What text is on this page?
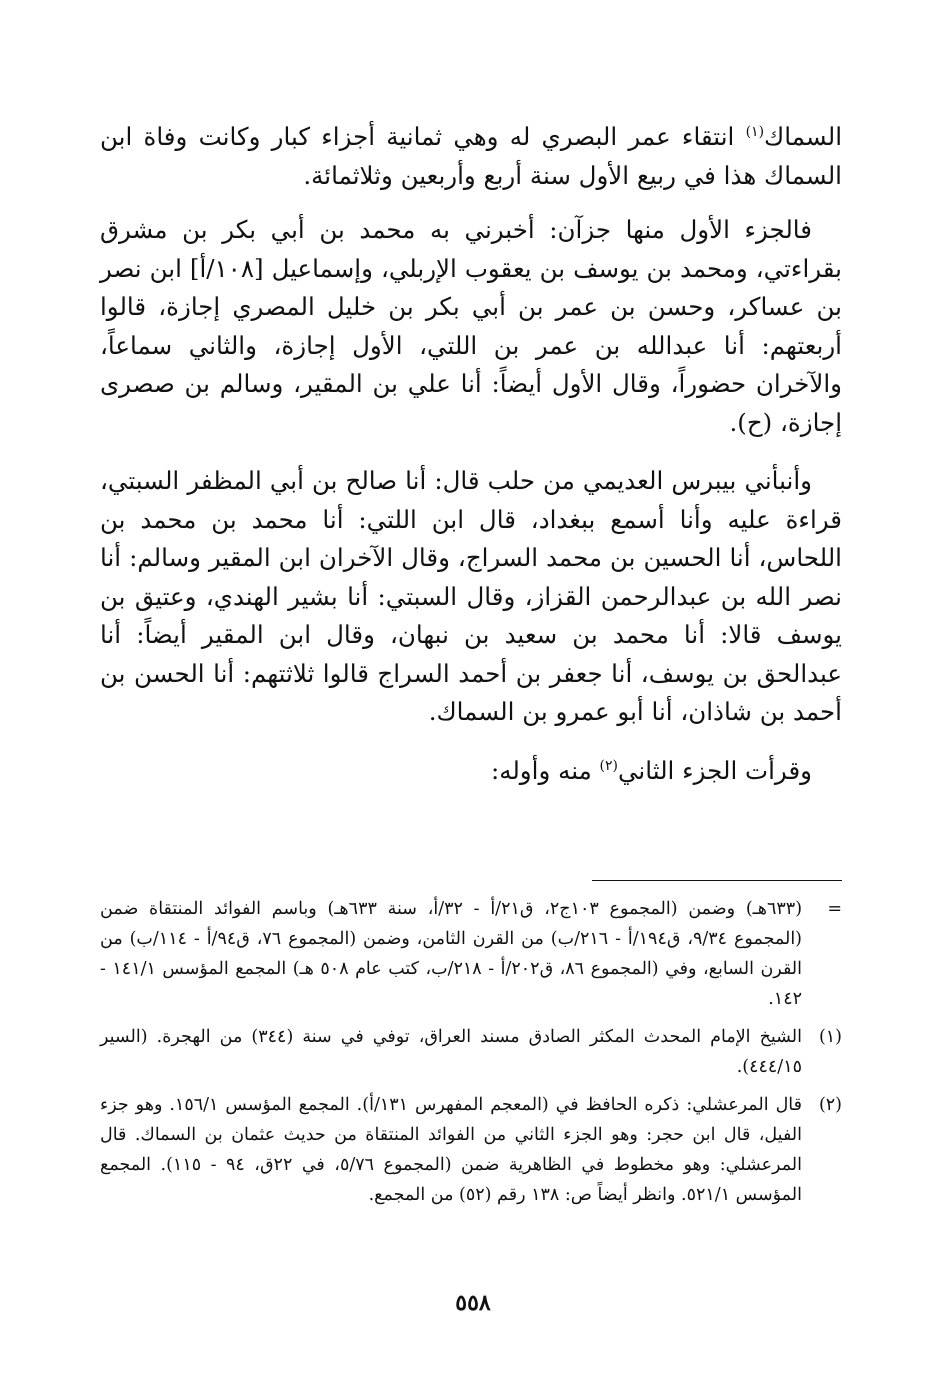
السماك$^{(١)}$ انتقاء عمر البصري له وهي ثمانية أجزاء كبار وكانت وفاة ابن السماك هذا في ربيع الأول سنة أربع وأربعين وثلاثمائة.

فالجزء الأول منها جزآن: أخبرني به محمد بن أبي بكر بن مشرق بقراءتي، ومحمد بن يوسف بن يعقوب الإربلي، وإسماعيل [١٠٨/أ] ابن نصر بن عساكر، وحسن بن عمر بن أبي بكر بن خليل المصري إجازة، قالوا أربعتهم: أنا عبدالله بن عمر بن اللتي، الأول إجازة، والثاني سماعاً، والآخران حضوراً، وقال الأول أيضاً: أنا علي بن المقير، وسالم بن صصرى إجازة، (ح).

وأنبأني بيبرس العديمي من حلب قال: أنا صالح بن أبي المظفر السبتي، قراءة عليه وأنا أسمع ببغداد، قال ابن اللتي: أنا محمد بن محمد بن اللحاس، أنا الحسين بن محمد السراج، وقال الآخران ابن المقير وسالم: أنا نصر الله بن عبدالرحمن القزاز، وقال السبتي: أنا بشير الهندي، وعتيق بن يوسف قالا: أنا محمد بن سعيد بن نبهان، وقال ابن المقير أيضاً: أنا عبدالحق بن يوسف، أنا جعفر بن أحمد السراج قالوا ثلاثتهم: أنا الحسن بن أحمد بن شاذان، أنا أبو عمرو بن السماك.

وقرأت الجزء الثاني$^{(٢)}$ منه وأوله:

=
(٦٣٣هـ) وضمن (المجموع ١٠٣ج٢، ق٢١/أ - ٣٢/أ، سنة ٦٣٣هـ) وباسم الفوائد المنتقاة ضمن (المجموع ٩/٣٤، ق١٩٤/أ - ٢١٦/ب) من القرن الثامن، وضمن (المجموع ٧٦، ق٩٤/أ - ١١٤/ب) من القرن السابع، وفي (المجموع ٨٦، ق٢٠٢/أ - ٢١٨/ب، كتب عام ٥٠٨ هـ) المجمع المؤسس ١٤١/١ - ١٤٢.
(١)
الشيخ الإمام المحدث المكثر الصادق مسند العراق، توفي في سنة (٣٤٤) من الهجرة. (السير ٤٤٤/١٥).
(٢)
قال المرعشلي: ذكره الحافظ في (المعجم المفهرس ١٣١/أ). المجمع المؤسس ١٥٦/١. وهو جزء الفيل، قال ابن حجر: وهو الجزء الثاني من الفوائد المنتقاة من حديث عثمان بن السماك. قال المرعشلي: وهو مخطوط في الظاهرية ضمن (المجموع ٥/٧٦، في ٢٢ق، ٩٤ - ١١٥). المجمع المؤسس ٥٢١/١. وانظر أيضاً ص: ١٣٨ رقم (٥٢) من المجمع.
٥٥٨
